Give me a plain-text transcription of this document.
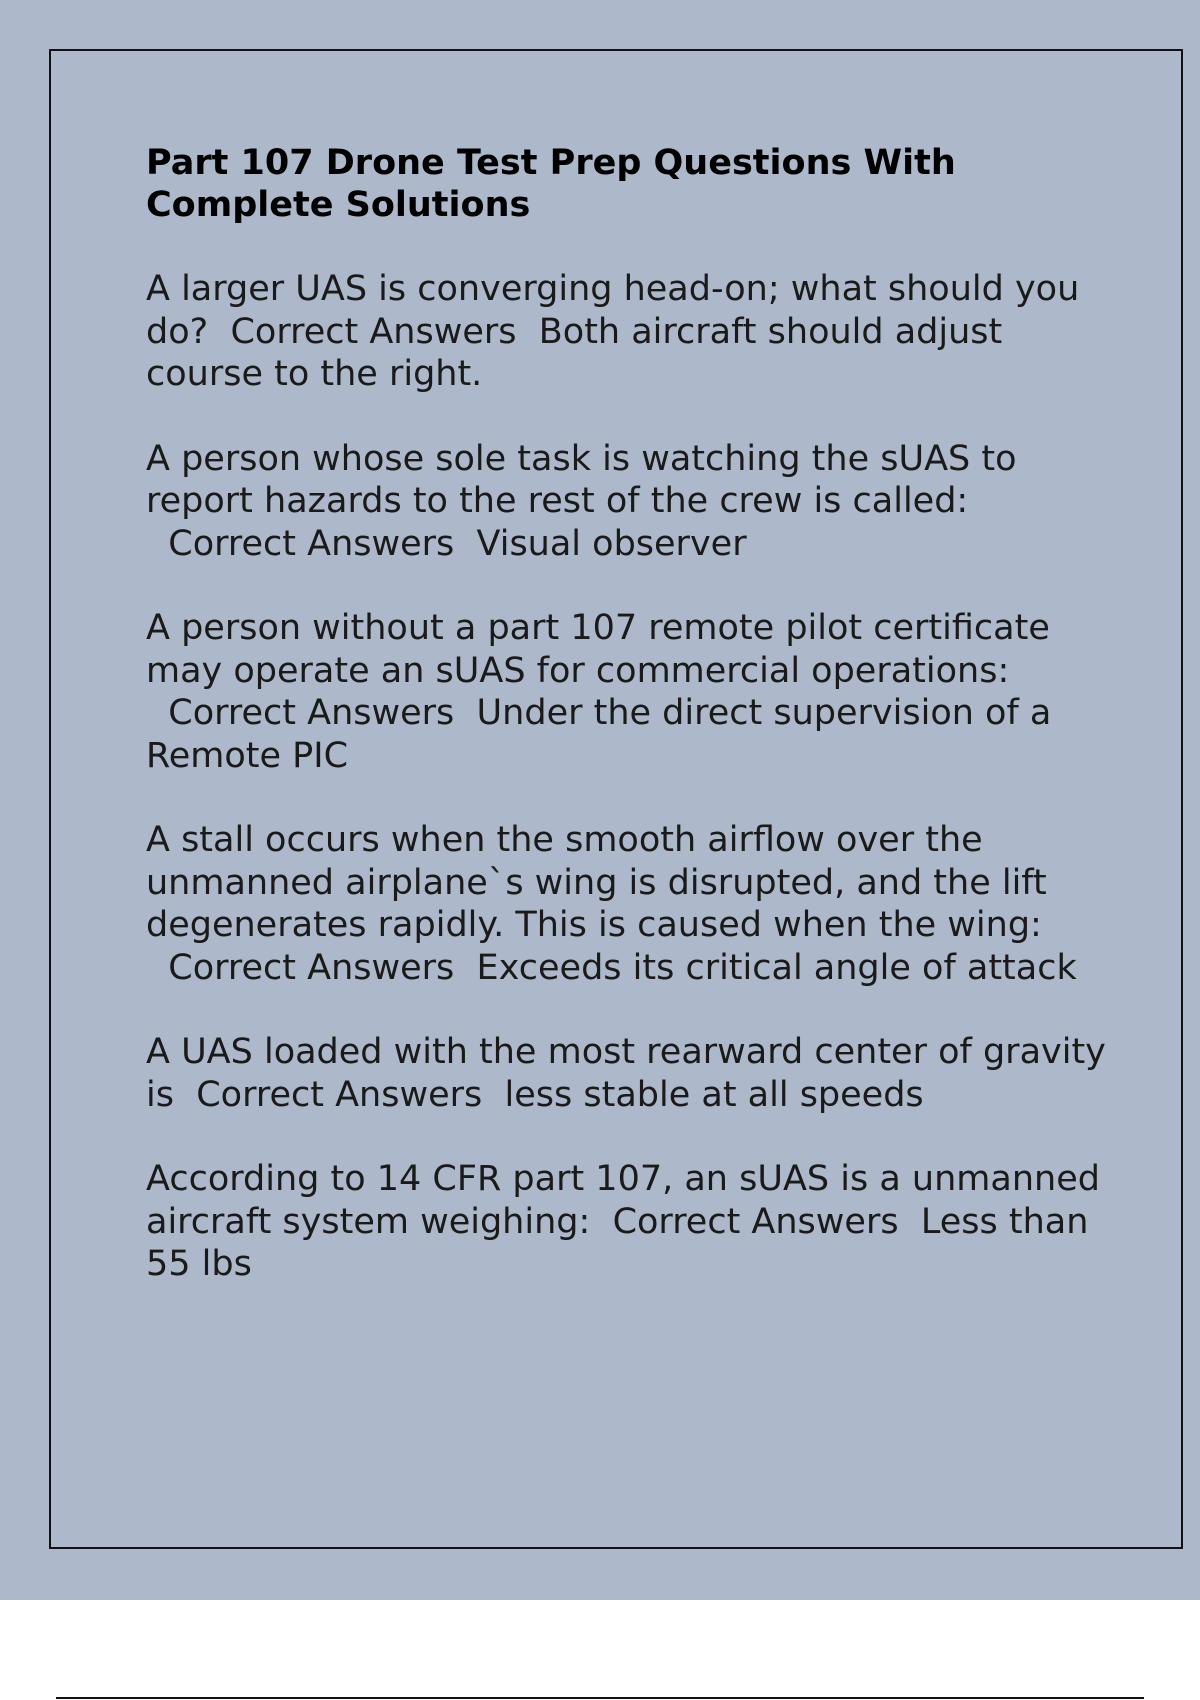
Part 107 Drone Test Prep Questions With Complete Solutions
A larger UAS is converging head-on; what should you do? Correct Answers Both aircraft should adjust course to the right.
A person whose sole task is watching the sUAS to report hazards to the rest of the crew is called:  Correct Answers Visual observer
A person without a part 107 remote pilot certificate may operate an sUAS for commercial operations:  Correct Answers Under the direct supervision of a Remote PIC
A stall occurs when the smooth airflow over the unmanned airplane`s wing is disrupted, and the lift degenerates rapidly. This is caused when the wing:  Correct Answers Exceeds its critical angle of attack
A UAS loaded with the most rearward center of gravity is Correct Answers less stable at all speeds
According to 14 CFR part 107, an sUAS is a unmanned aircraft system weighing: Correct Answers Less than 55 lbs
